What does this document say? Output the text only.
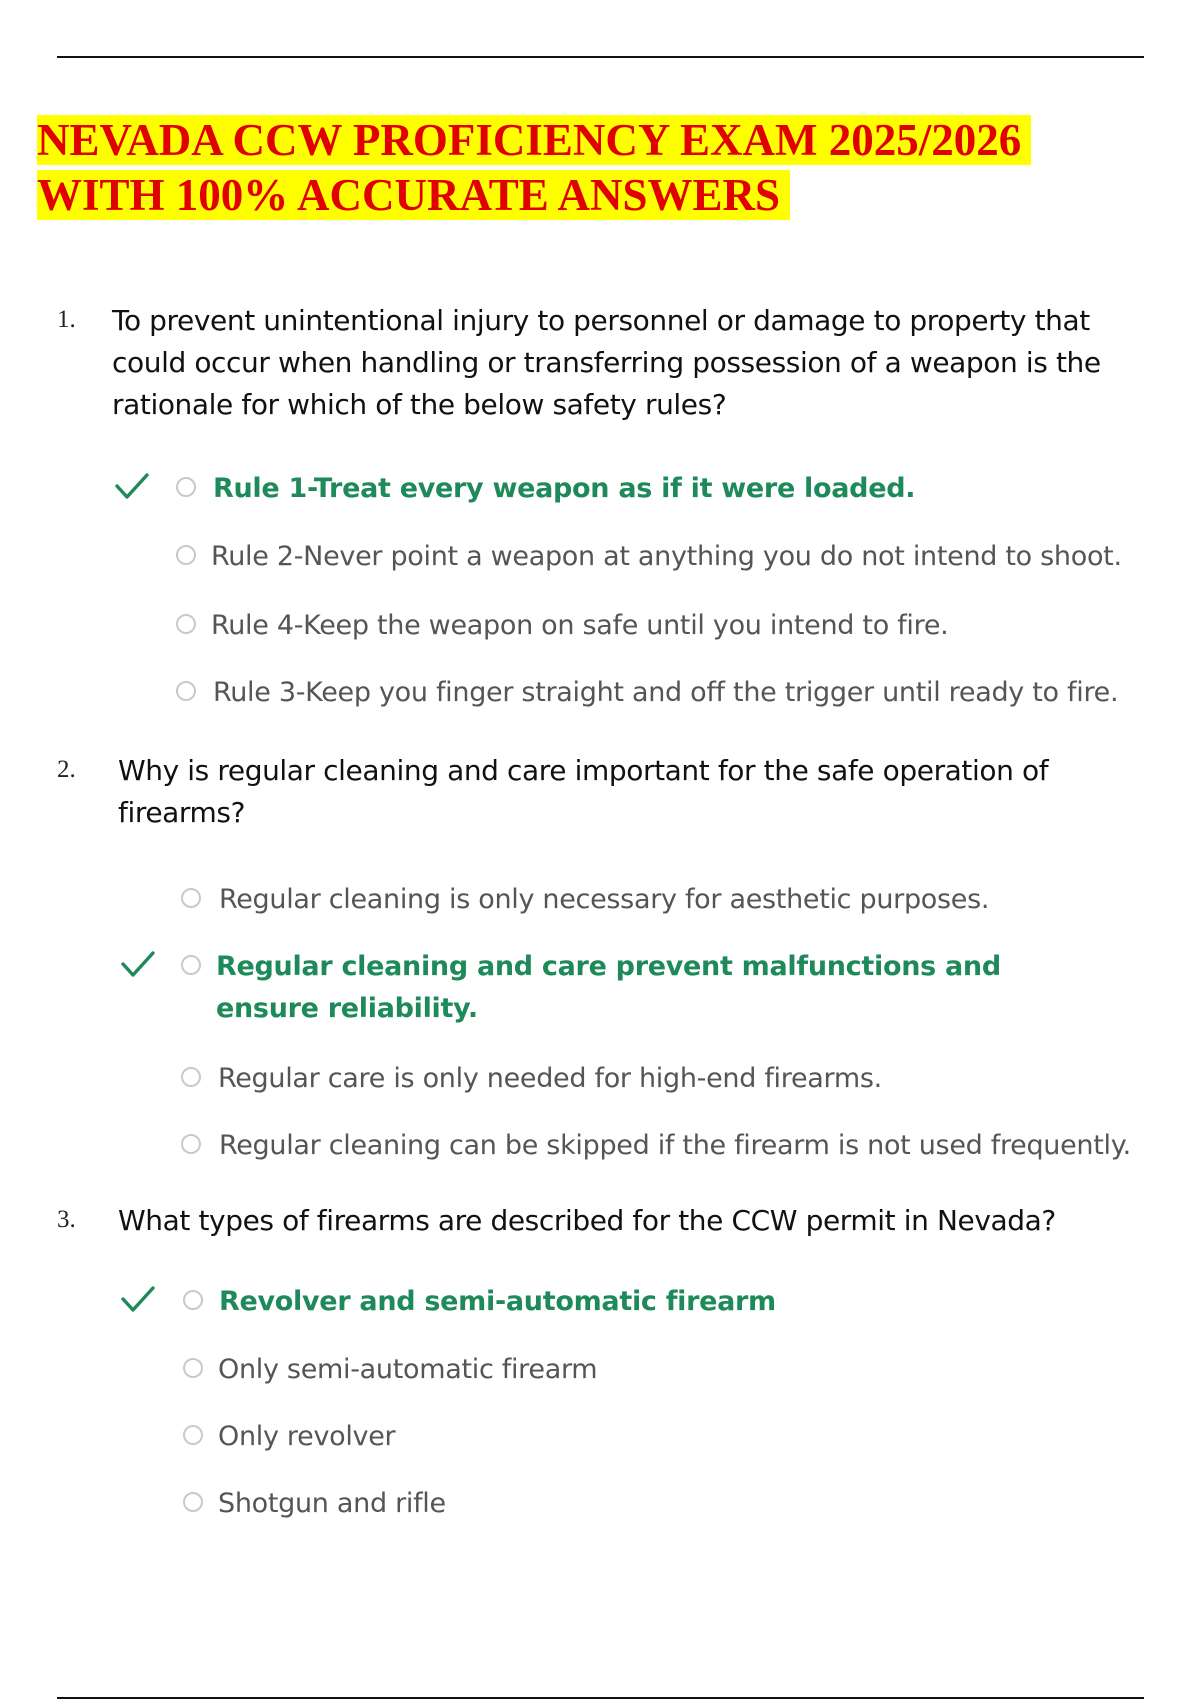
NEVADA CCW PROFICIENCY EXAM 2025/2026
WITH 100% ACCURATE ANSWERS
1. To prevent unintentional injury to personnel or damage to property that could occur when handling or transferring possession of a weapon is the rationale for which of the below safety rules?
Rule 1-Treat every weapon as if it were loaded.
Rule 2-Never point a weapon at anything you do not intend to shoot.
Rule 4-Keep the weapon on safe until you intend to fire.
Rule 3-Keep you finger straight and off the trigger until ready to fire.
2. Why is regular cleaning and care important for the safe operation of firearms?
Regular cleaning is only necessary for aesthetic purposes.
Regular cleaning and care prevent malfunctions and ensure reliability.
Regular care is only needed for high-end firearms.
Regular cleaning can be skipped if the firearm is not used frequently.
3. What types of firearms are described for the CCW permit in Nevada?
Revolver and semi-automatic firearm
Only semi-automatic firearm
Only revolver
Shotgun and rifle
